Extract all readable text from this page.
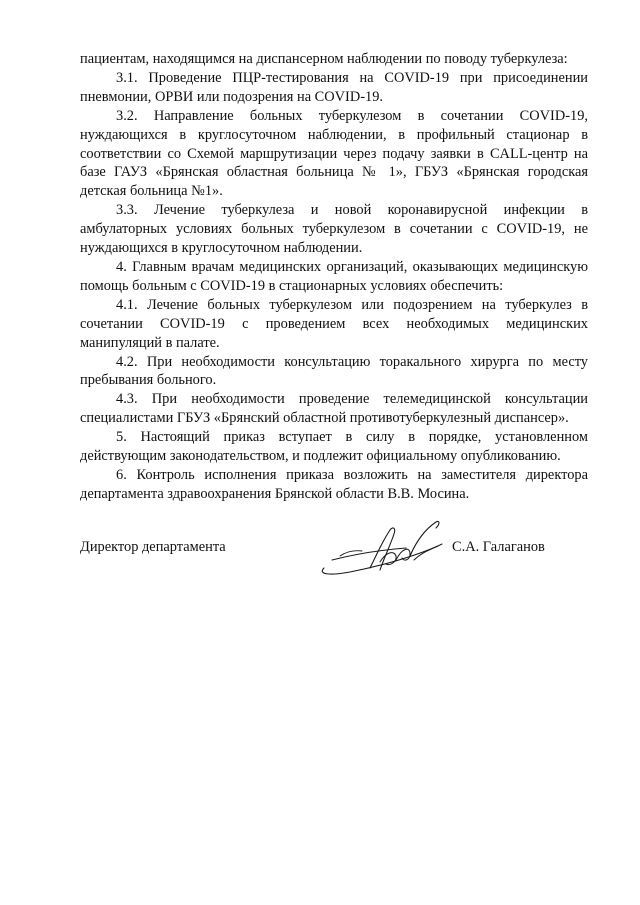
пациентам, находящимся на диспансерном наблюдении по поводу туберкулеза:

3.1. Проведение ПЦР-тестирования на COVID-19 при присоединении пневмонии, ОРВИ или подозрения на COVID-19.

3.2. Направление больных туберкулезом в сочетании COVID-19, нуждающихся в круглосуточном наблюдении, в профильный стационар в соответствии со Схемой маршрутизации через подачу заявки в CALL-центр на базе ГАУЗ «Брянская областная больница № 1», ГБУЗ «Брянская городская детская больница №1».

3.3. Лечение туберкулеза и новой коронавирусной инфекции в амбулаторных условиях больных туберкулезом в сочетании с COVID-19, не нуждающихся в круглосуточном наблюдении.

4. Главным врачам медицинских организаций, оказывающих медицинскую помощь больным с COVID-19 в стационарных условиях обеспечить:

4.1. Лечение больных туберкулезом или подозрением на туберкулез в сочетании COVID-19 с проведением всех необходимых медицинских манипуляций в палате.

4.2. При необходимости консультацию торакального хирурга по месту пребывания больного.

4.3. При необходимости проведение телемедицинской консультации специалистами ГБУЗ «Брянский областной противотуберкулезный диспансер».

5. Настоящий приказ вступает в силу в порядке, установленном действующим законодательством, и подлежит официальному опубликованию.

6. Контроль исполнения приказа возложить на заместителя директора департамента здравоохранения Брянской области В.В. Мосина.

Директор департамента	С.А. Галаганов
